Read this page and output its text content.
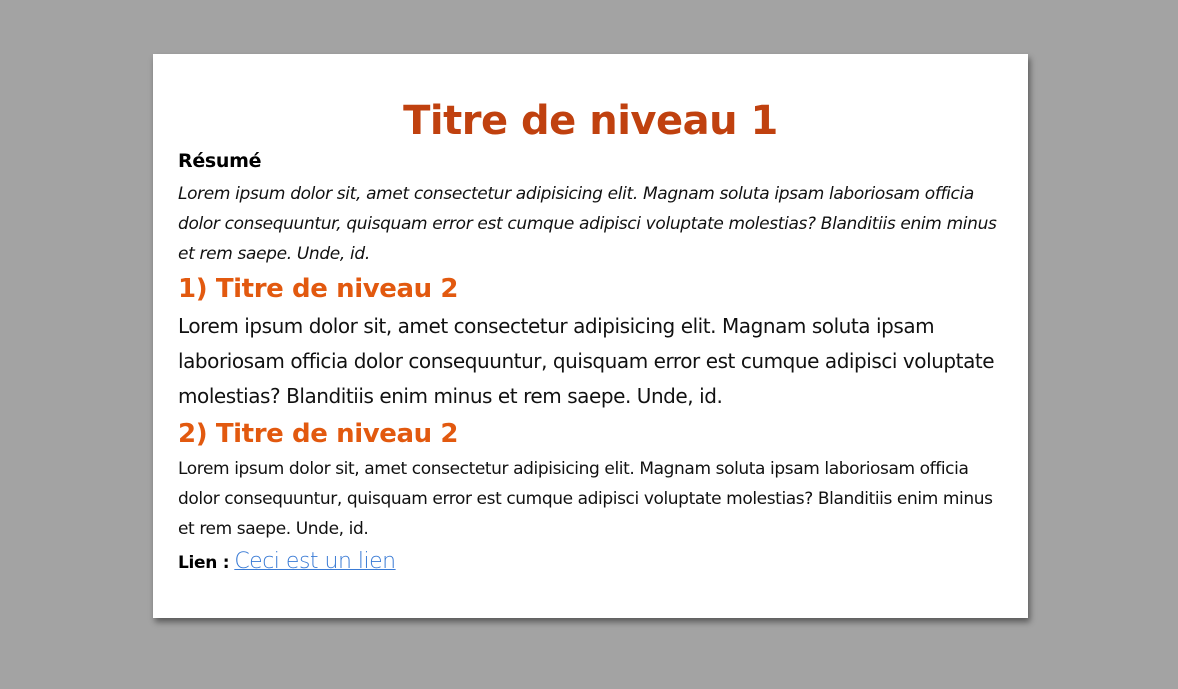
Titre de niveau 1
Résumé

Lorem ipsum dolor sit, amet consectetur adipisicing elit. Magnam soluta ipsam laboriosam officia dolor consequuntur, quisquam error est cumque adipisci voluptate molestias? Blanditiis enim minus et rem saepe. Unde, id.

1) Titre de niveau 2

Lorem ipsum dolor sit, amet consectetur adipisicing elit. Magnam soluta ipsam laboriosam officia dolor consequuntur, quisquam error est cumque adipisci voluptate molestias? Blanditiis enim minus et rem saepe. Unde, id.

2) Titre de niveau 2

Lorem ipsum dolor sit, amet consectetur adipisicing elit. Magnam soluta ipsam laboriosam officia dolor consequuntur, quisquam error est cumque adipisci voluptate molestias? Blanditiis enim minus et rem saepe. Unde, id.

Lien : Ceci est un lien
